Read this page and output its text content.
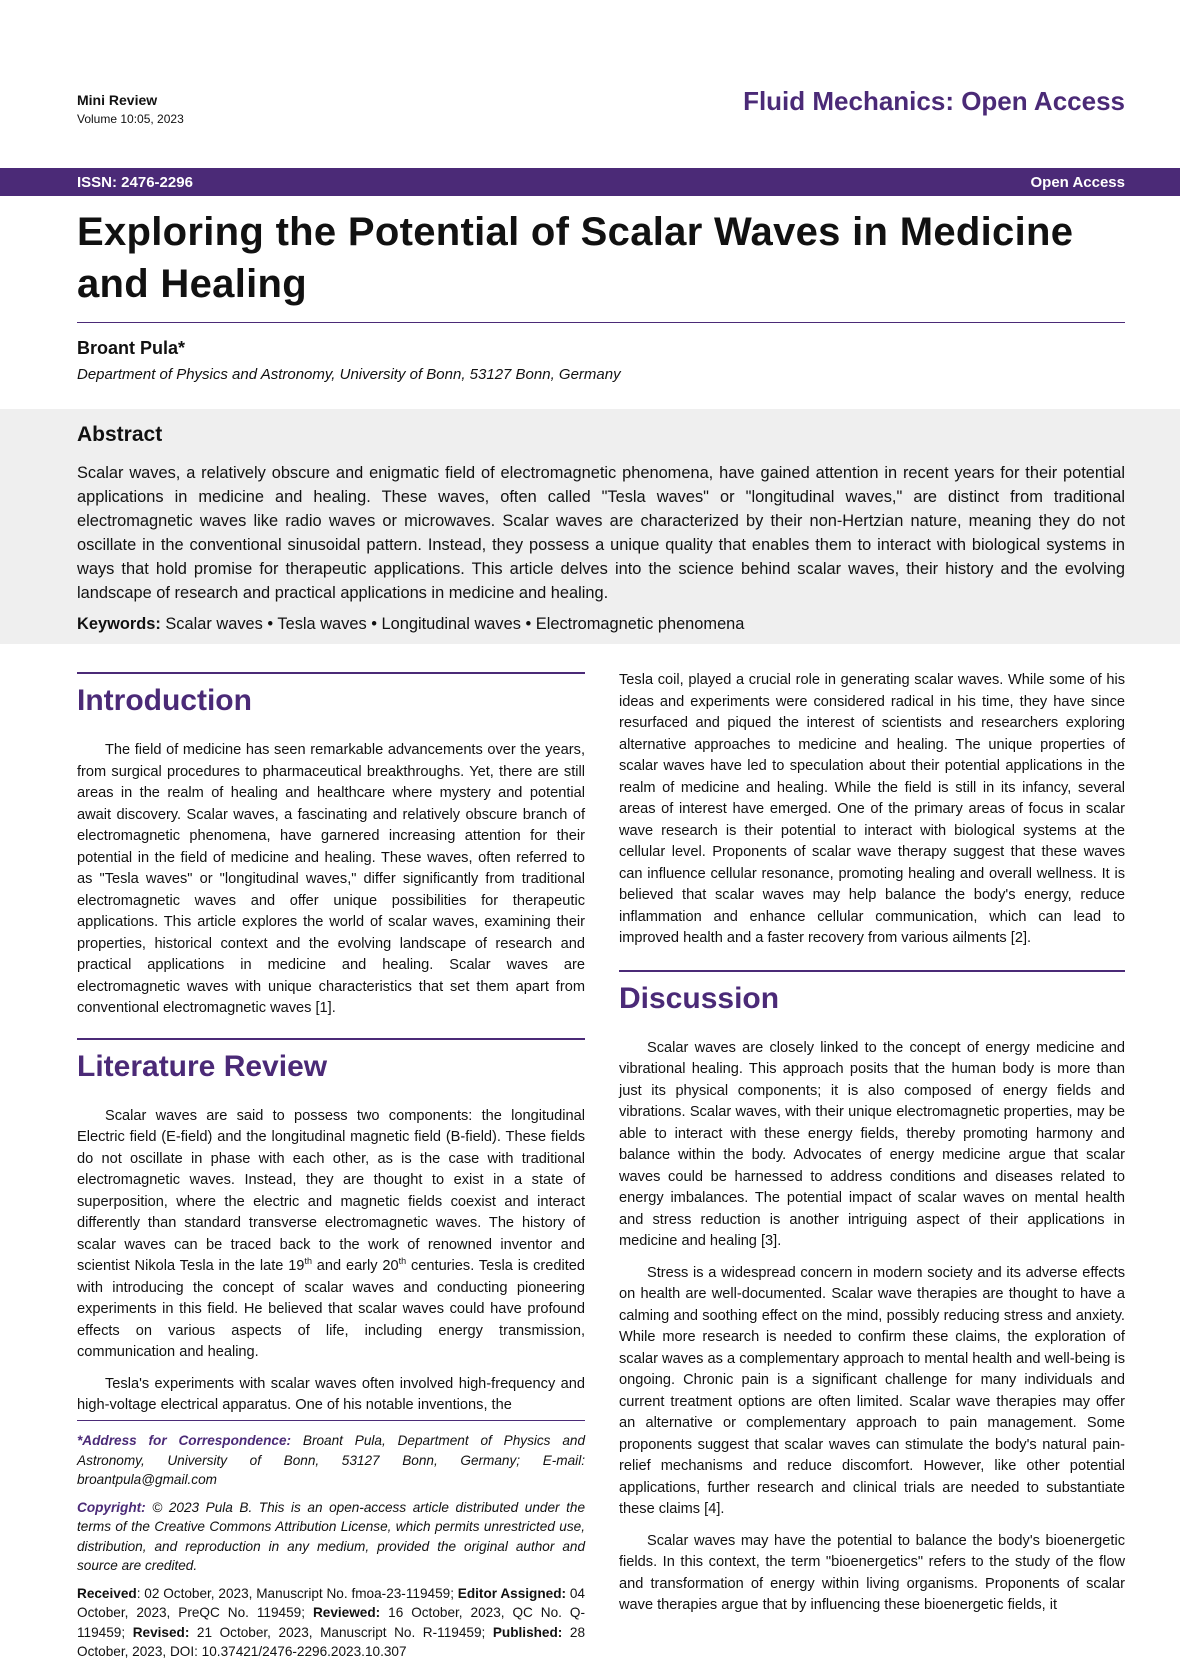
Mini Review
Volume 10:05, 2023
Fluid Mechanics: Open Access
ISSN: 2476-2296	Open Access
Exploring the Potential of Scalar Waves in Medicine and Healing
Broant Pula*
Department of Physics and Astronomy, University of Bonn, 53127 Bonn, Germany
Abstract
Scalar waves, a relatively obscure and enigmatic field of electromagnetic phenomena, have gained attention in recent years for their potential applications in medicine and healing. These waves, often called "Tesla waves" or "longitudinal waves," are distinct from traditional electromagnetic waves like radio waves or microwaves. Scalar waves are characterized by their non-Hertzian nature, meaning they do not oscillate in the conventional sinusoidal pattern. Instead, they possess a unique quality that enables them to interact with biological systems in ways that hold promise for therapeutic applications. This article delves into the science behind scalar waves, their history and the evolving landscape of research and practical applications in medicine and healing.
Keywords: Scalar waves • Tesla waves • Longitudinal waves • Electromagnetic phenomena
Introduction

The field of medicine has seen remarkable advancements over the years, from surgical procedures to pharmaceutical breakthroughs. Yet, there are still areas in the realm of healing and healthcare where mystery and potential await discovery. Scalar waves, a fascinating and relatively obscure branch of electromagnetic phenomena, have garnered increasing attention for their potential in the field of medicine and healing. These waves, often referred to as "Tesla waves" or "longitudinal waves," differ significantly from traditional electromagnetic waves and offer unique possibilities for therapeutic applications. This article explores the world of scalar waves, examining their properties, historical context and the evolving landscape of research and practical applications in medicine and healing. Scalar waves are electromagnetic waves with unique characteristics that set them apart from conventional electromagnetic waves [1].

Literature Review

Scalar waves are said to possess two components: the longitudinal Electric field (E-field) and the longitudinal magnetic field (B-field). These fields do not oscillate in phase with each other, as is the case with traditional electromagnetic waves. Instead, they are thought to exist in a state of superposition, where the electric and magnetic fields coexist and interact differently than standard transverse electromagnetic waves. The history of scalar waves can be traced back to the work of renowned inventor and scientist Nikola Tesla in the late 19th and early 20th centuries. Tesla is credited with introducing the concept of scalar waves and conducting pioneering experiments in this field. He believed that scalar waves could have profound effects on various aspects of life, including energy transmission, communication and healing.

Tesla's experiments with scalar waves often involved high-frequency and high-voltage electrical apparatus. One of his notable inventions, the

*Address for Correspondence: Broant Pula, Department of Physics and Astronomy, University of Bonn, 53127 Bonn, Germany; E-mail: broantpula@gmail.com

Copyright: © 2023 Pula B. This is an open-access article distributed under the terms of the Creative Commons Attribution License, which permits unrestricted use, distribution, and reproduction in any medium, provided the original author and source are credited.

Received: 02 October, 2023, Manuscript No. fmoa-23-119459; Editor Assigned: 04 October, 2023, PreQC No. 119459; Reviewed: 16 October, 2023, QC No. Q-119459; Revised: 21 October, 2023, Manuscript No. R-119459; Published: 28 October, 2023, DOI: 10.37421/2476-2296.2023.10.307

Tesla coil, played a crucial role in generating scalar waves. While some of his ideas and experiments were considered radical in his time, they have since resurfaced and piqued the interest of scientists and researchers exploring alternative approaches to medicine and healing. The unique properties of scalar waves have led to speculation about their potential applications in the realm of medicine and healing. While the field is still in its infancy, several areas of interest have emerged. One of the primary areas of focus in scalar wave research is their potential to interact with biological systems at the cellular level. Proponents of scalar wave therapy suggest that these waves can influence cellular resonance, promoting healing and overall wellness. It is believed that scalar waves may help balance the body's energy, reduce inflammation and enhance cellular communication, which can lead to improved health and a faster recovery from various ailments [2].

Discussion

Scalar waves are closely linked to the concept of energy medicine and vibrational healing. This approach posits that the human body is more than just its physical components; it is also composed of energy fields and vibrations. Scalar waves, with their unique electromagnetic properties, may be able to interact with these energy fields, thereby promoting harmony and balance within the body. Advocates of energy medicine argue that scalar waves could be harnessed to address conditions and diseases related to energy imbalances. The potential impact of scalar waves on mental health and stress reduction is another intriguing aspect of their applications in medicine and healing [3].

Stress is a widespread concern in modern society and its adverse effects on health are well-documented. Scalar wave therapies are thought to have a calming and soothing effect on the mind, possibly reducing stress and anxiety. While more research is needed to confirm these claims, the exploration of scalar waves as a complementary approach to mental health and well-being is ongoing. Chronic pain is a significant challenge for many individuals and current treatment options are often limited. Scalar wave therapies may offer an alternative or complementary approach to pain management. Some proponents suggest that scalar waves can stimulate the body's natural pain-relief mechanisms and reduce discomfort. However, like other potential applications, further research and clinical trials are needed to substantiate these claims [4].

Scalar waves may have the potential to balance the body's bioenergetic fields. In this context, the term "bioenergetics" refers to the study of the flow and transformation of energy within living organisms. Proponents of scalar wave therapies argue that by influencing these bioenergetic fields, it
